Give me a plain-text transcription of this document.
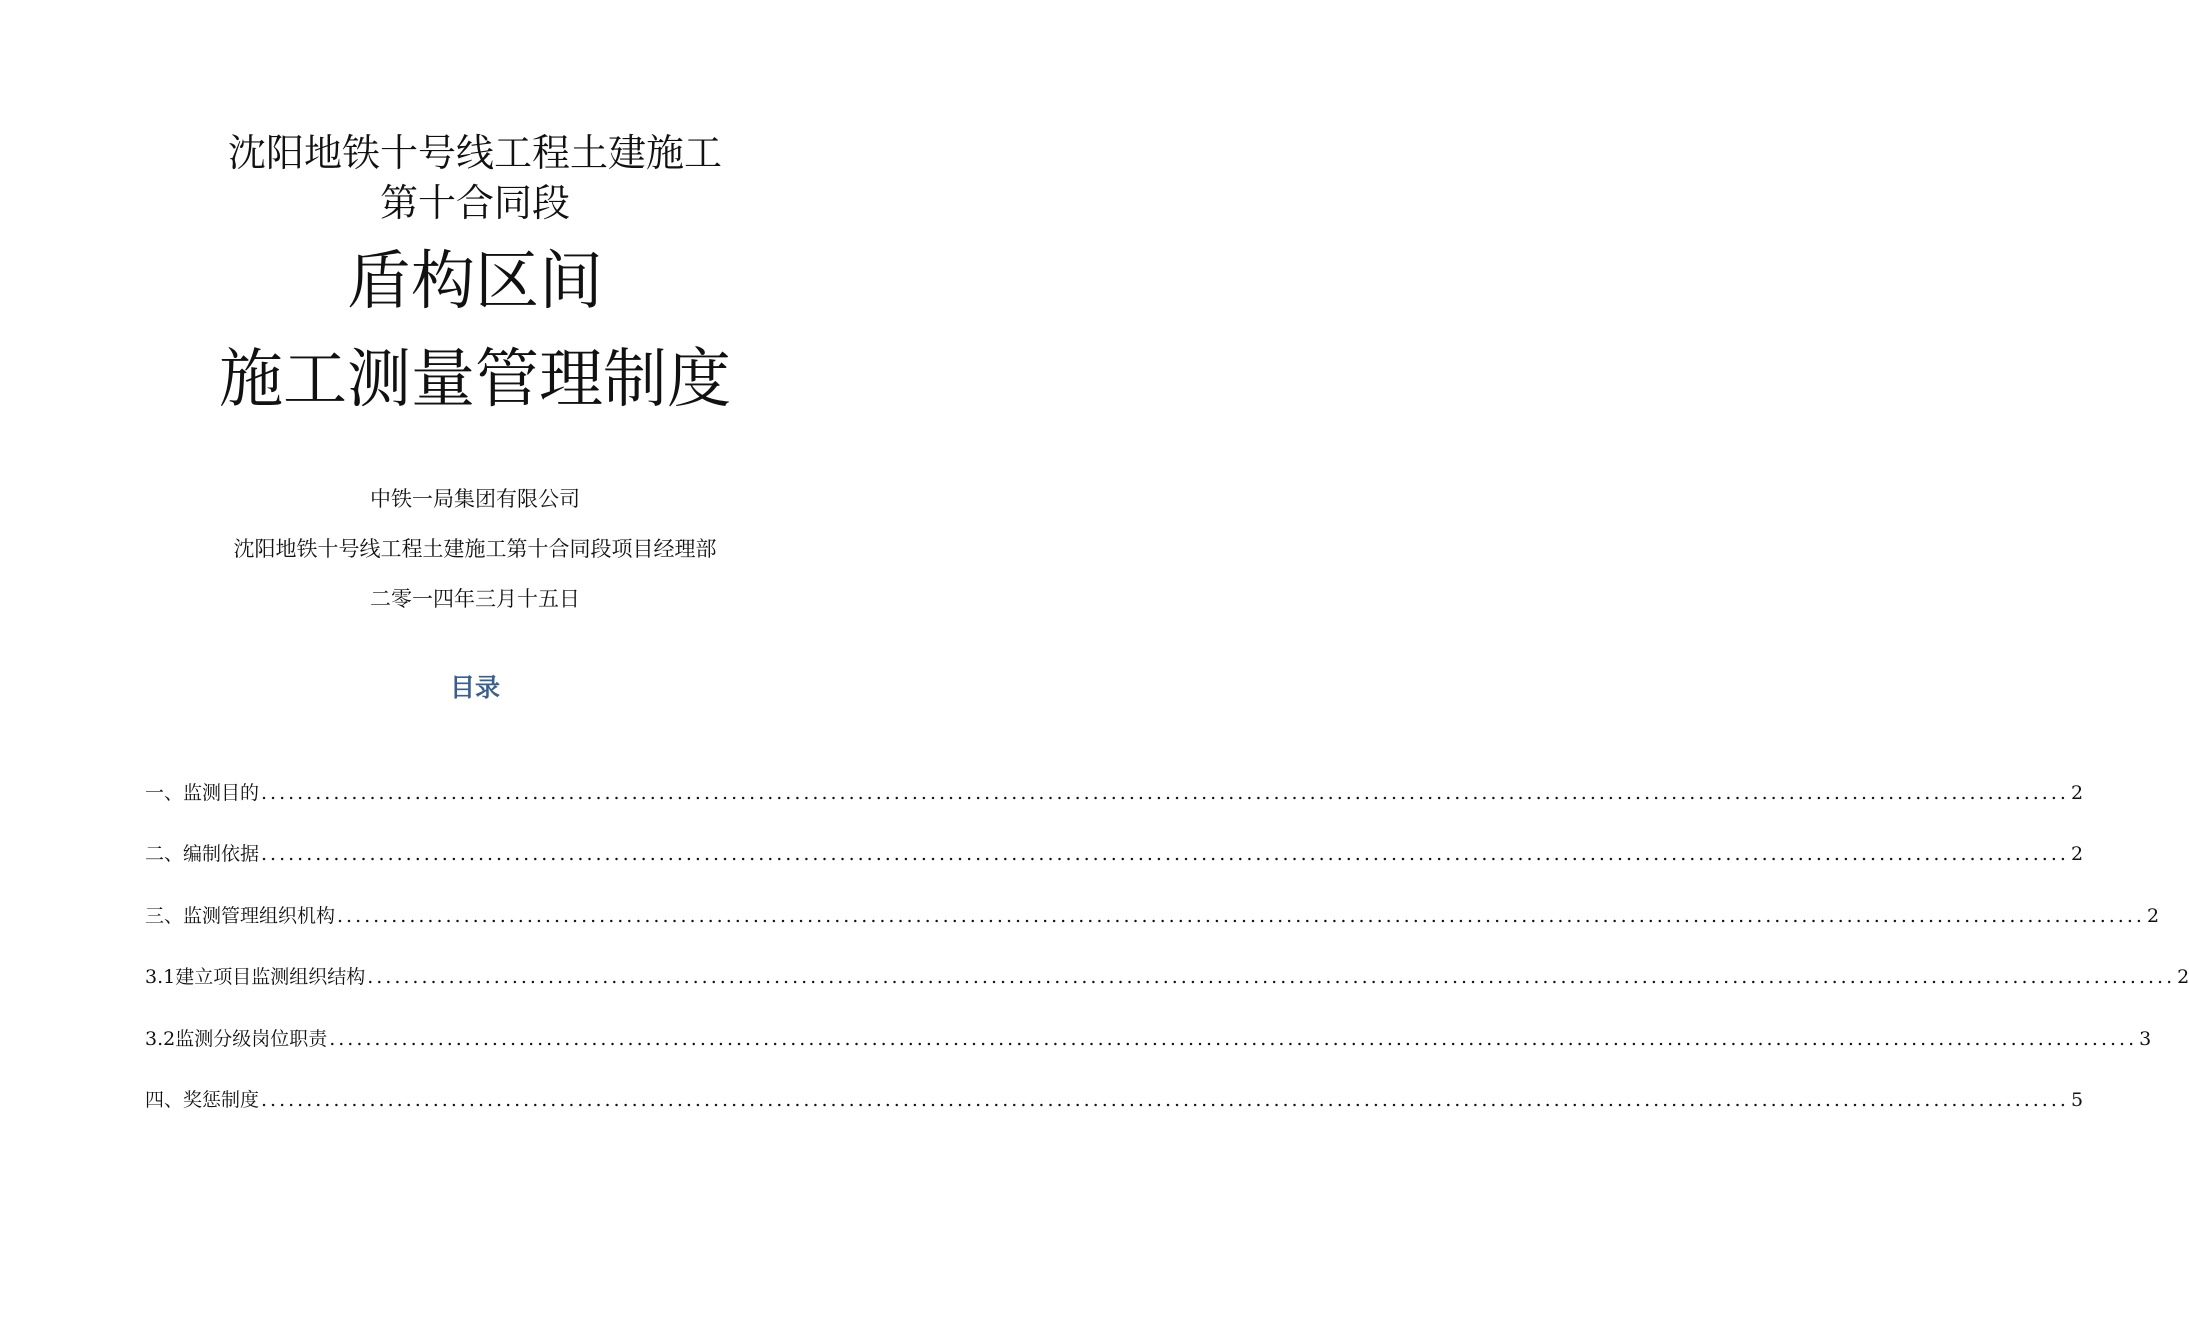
沈阳地铁十号线工程土建施工
第十合同段
盾构区间
施工测量管理制度
中铁一局集团有限公司
沈阳地铁十号线工程土建施工第十合同段项目经理部
二零一四年三月十五日
目录
一、监测目的 ........................................................................................................................................................................................................ 2
二、编制依据 ........................................................................................................................................................................................................ 2
三、监测管理组织机构 ........................................................................................................................................................................................................ 2
3.1建立项目监测组织结构 ........................................................................................................................................................................................................ 2
3.2监测分级岗位职责 ........................................................................................................................................................................................................ 3
四、奖惩制度 ........................................................................................................................................................................................................ 5
